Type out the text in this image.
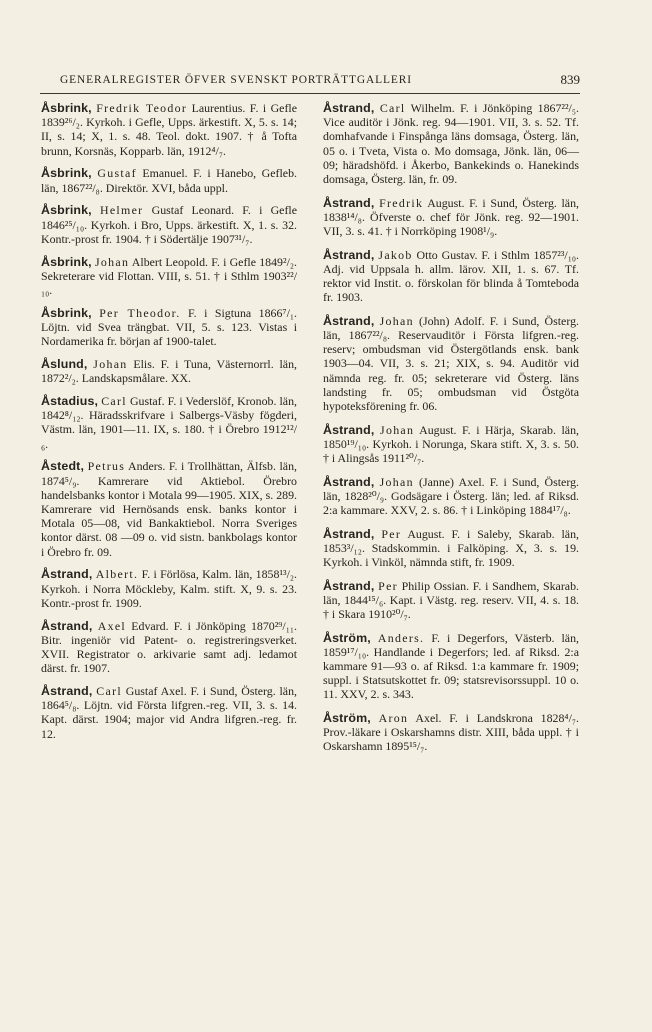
GENERALREGISTER ÖFVER SVENSKT PORTRÄTTGALLERI	839

Åsbrink, Fredrik Teodor Laurentius. F. i Gefle 1839²⁶/₂. Kyrkoh. i Gefle, Upps. ärkestift. X, 5. s. 14; II, s. 14; X, 1. s. 48. Teol. dokt. 1907. † å Tofta brunn, Korsnäs, Kopparb. län, 1912⁴/₇.

Åsbrink, Gustaf Emanuel. F. i Hanebo, Gefleb. län, 1867²²/₈. Direktör. XVI, båda uppl.

Åsbrink, Helmer Gustaf Leonard. F. i Gefle 1846²⁵/₁₀. Kyrkoh. i Bro, Upps. ärkestift. X, 1. s. 32. Kontr.-prost fr. 1904. † i Södertälje 1907³¹/₇.

Åsbrink, Johan Albert Leopold. F. i Gefle 1849²/₂. Sekreterare vid Flottan. VIII, s. 51. † i Sthlm 1903²²/₁₀.

Åsbrink, Per Theodor. F. i Sigtuna 1866⁷/₁. Löjtn. vid Svea trängbat. VII, 5. s. 123. Vistas i Nordamerika fr. början af 1900-talet.

Åslund, Johan Elis. F. i Tuna, Västernorrl. län, 1872²/₂. Landskapsmålare. XX.

Åstadius, Carl Gustaf. F. i Vederslöf, Kronob. län, 1842⁸/₁₂. Häradsskrifvare i Salbergs-Väsby fögderi, Västm. län, 1901—11. IX, s. 180. † i Örebro 1912¹²/₆.

Åstedt, Petrus Anders. F. i Trollhättan, Älfsb. län, 1874⁵/₉. Kamrerare vid Aktiebol. Örebro handelsbanks kontor i Motala 99—1905. XIX, s. 289. Kamrerare vid Hernösands ensk. banks kontor i Motala 05—08, vid Bankaktiebol. Norra Sveriges kontor därst. 08 —09 o. vid sistn. bankbolags kontor i Örebro fr. 09.

Åstrand, Albert. F. i Förlösa, Kalm. län, 1858¹³/₂. Kyrkoh. i Norra Möckleby, Kalm. stift. X, 9. s. 23. Kontr.-prost fr. 1909.

Åstrand, Axel Edvard. F. i Jönköping 1870²⁹/₁₁. Bitr. ingeniör vid Patent- o. registreringsverket. XVII. Registrator o. arkivarie samt adj. ledamot därst. fr. 1907.

Åstrand, Carl Gustaf Axel. F. i Sund, Österg. län, 1864⁵/₈. Löjtn. vid Första lifgren.-reg. VII, 3. s. 14. Kapt. därst. 1904; major vid Andra lifgren.-reg. fr. 12.

Åstrand, Carl Wilhelm. F. i Jönköping 1867²²/₅. Vice auditör i Jönk. reg. 94—1901. VII, 3. s. 52. Tf. domhafvande i Finspånga läns domsaga, Österg. län, 05 o. i Tveta, Vista o. Mo domsaga, Jönk. län, 06—09; häradshöfd. i Åkerbo, Bankekinds o. Hanekinds domsaga, Österg. län, fr. 09.

Åstrand, Fredrik August. F. i Sund, Österg. län, 1838¹⁴/₈. Öfverste o. chef för Jönk. reg. 92—1901. VII, 3. s. 41. † i Norrköping 1908¹/₉.

Åstrand, Jakob Otto Gustav. F. i Sthlm 1857²³/₁₀. Adj. vid Uppsala h. allm. lärov. XII, 1. s. 67. Tf. rektor vid Instit. o. förskolan för blinda å Tomteboda fr. 1903.

Åstrand, Johan (John) Adolf. F. i Sund, Österg. län, 1867²²/₈. Reservauditör i Första lifgren.-reg. reserv; ombudsman vid Östergötlands ensk. bank 1903—04. VII, 3. s. 21; XIX, s. 94. Auditör vid nämnda reg. fr. 05; sekreterare vid Österg. läns landsting fr. 05; ombudsman vid Östgöta hypoteksförening fr. 06.

Åstrand, Johan August. F. i Härja, Skarab. län, 1850¹⁹/₁₀. Kyrkoh. i Norunga, Skara stift. X, 3. s. 50. † i Alingsås 1911²⁰/₇.

Åstrand, Johan (Janne) Axel. F. i Sund, Österg. län, 1828²⁰/₉. Godsägare i Österg. län; led. af Riksd. 2:a kammare. XXV, 2. s. 86. † i Linköping 1884¹⁷/₈.

Åstrand, Per August. F. i Saleby, Skarab. län, 1853³/₁₂. Stadskommin. i Falköping. X, 3. s. 19. Kyrkoh. i Vinköl, nämnda stift, fr. 1909.

Åstrand, Per Philip Ossian. F. i Sandhem, Skarab. län, 1844¹⁵/₆. Kapt. i Västg. reg. reserv. VII, 4. s. 18. † i Skara 1910²⁰/₇.

Åström, Anders. F. i Degerfors, Västerb. län, 1859¹⁷/₁₀. Handlande i Degerfors; led. af Riksd. 2:a kammare 91—93 o. af Riksd. 1:a kammare fr. 1909; suppl. i Statsutskottet fr. 09; statsrevisorssuppl. 10 o. 11. XXV, 2. s. 343.

Åström, Aron Axel. F. i Landskrona 1828⁴/₇. Prov.-läkare i Oskarshamns distr. XIII, båda uppl. † i Oskarshamn 1895¹⁵/₇.
